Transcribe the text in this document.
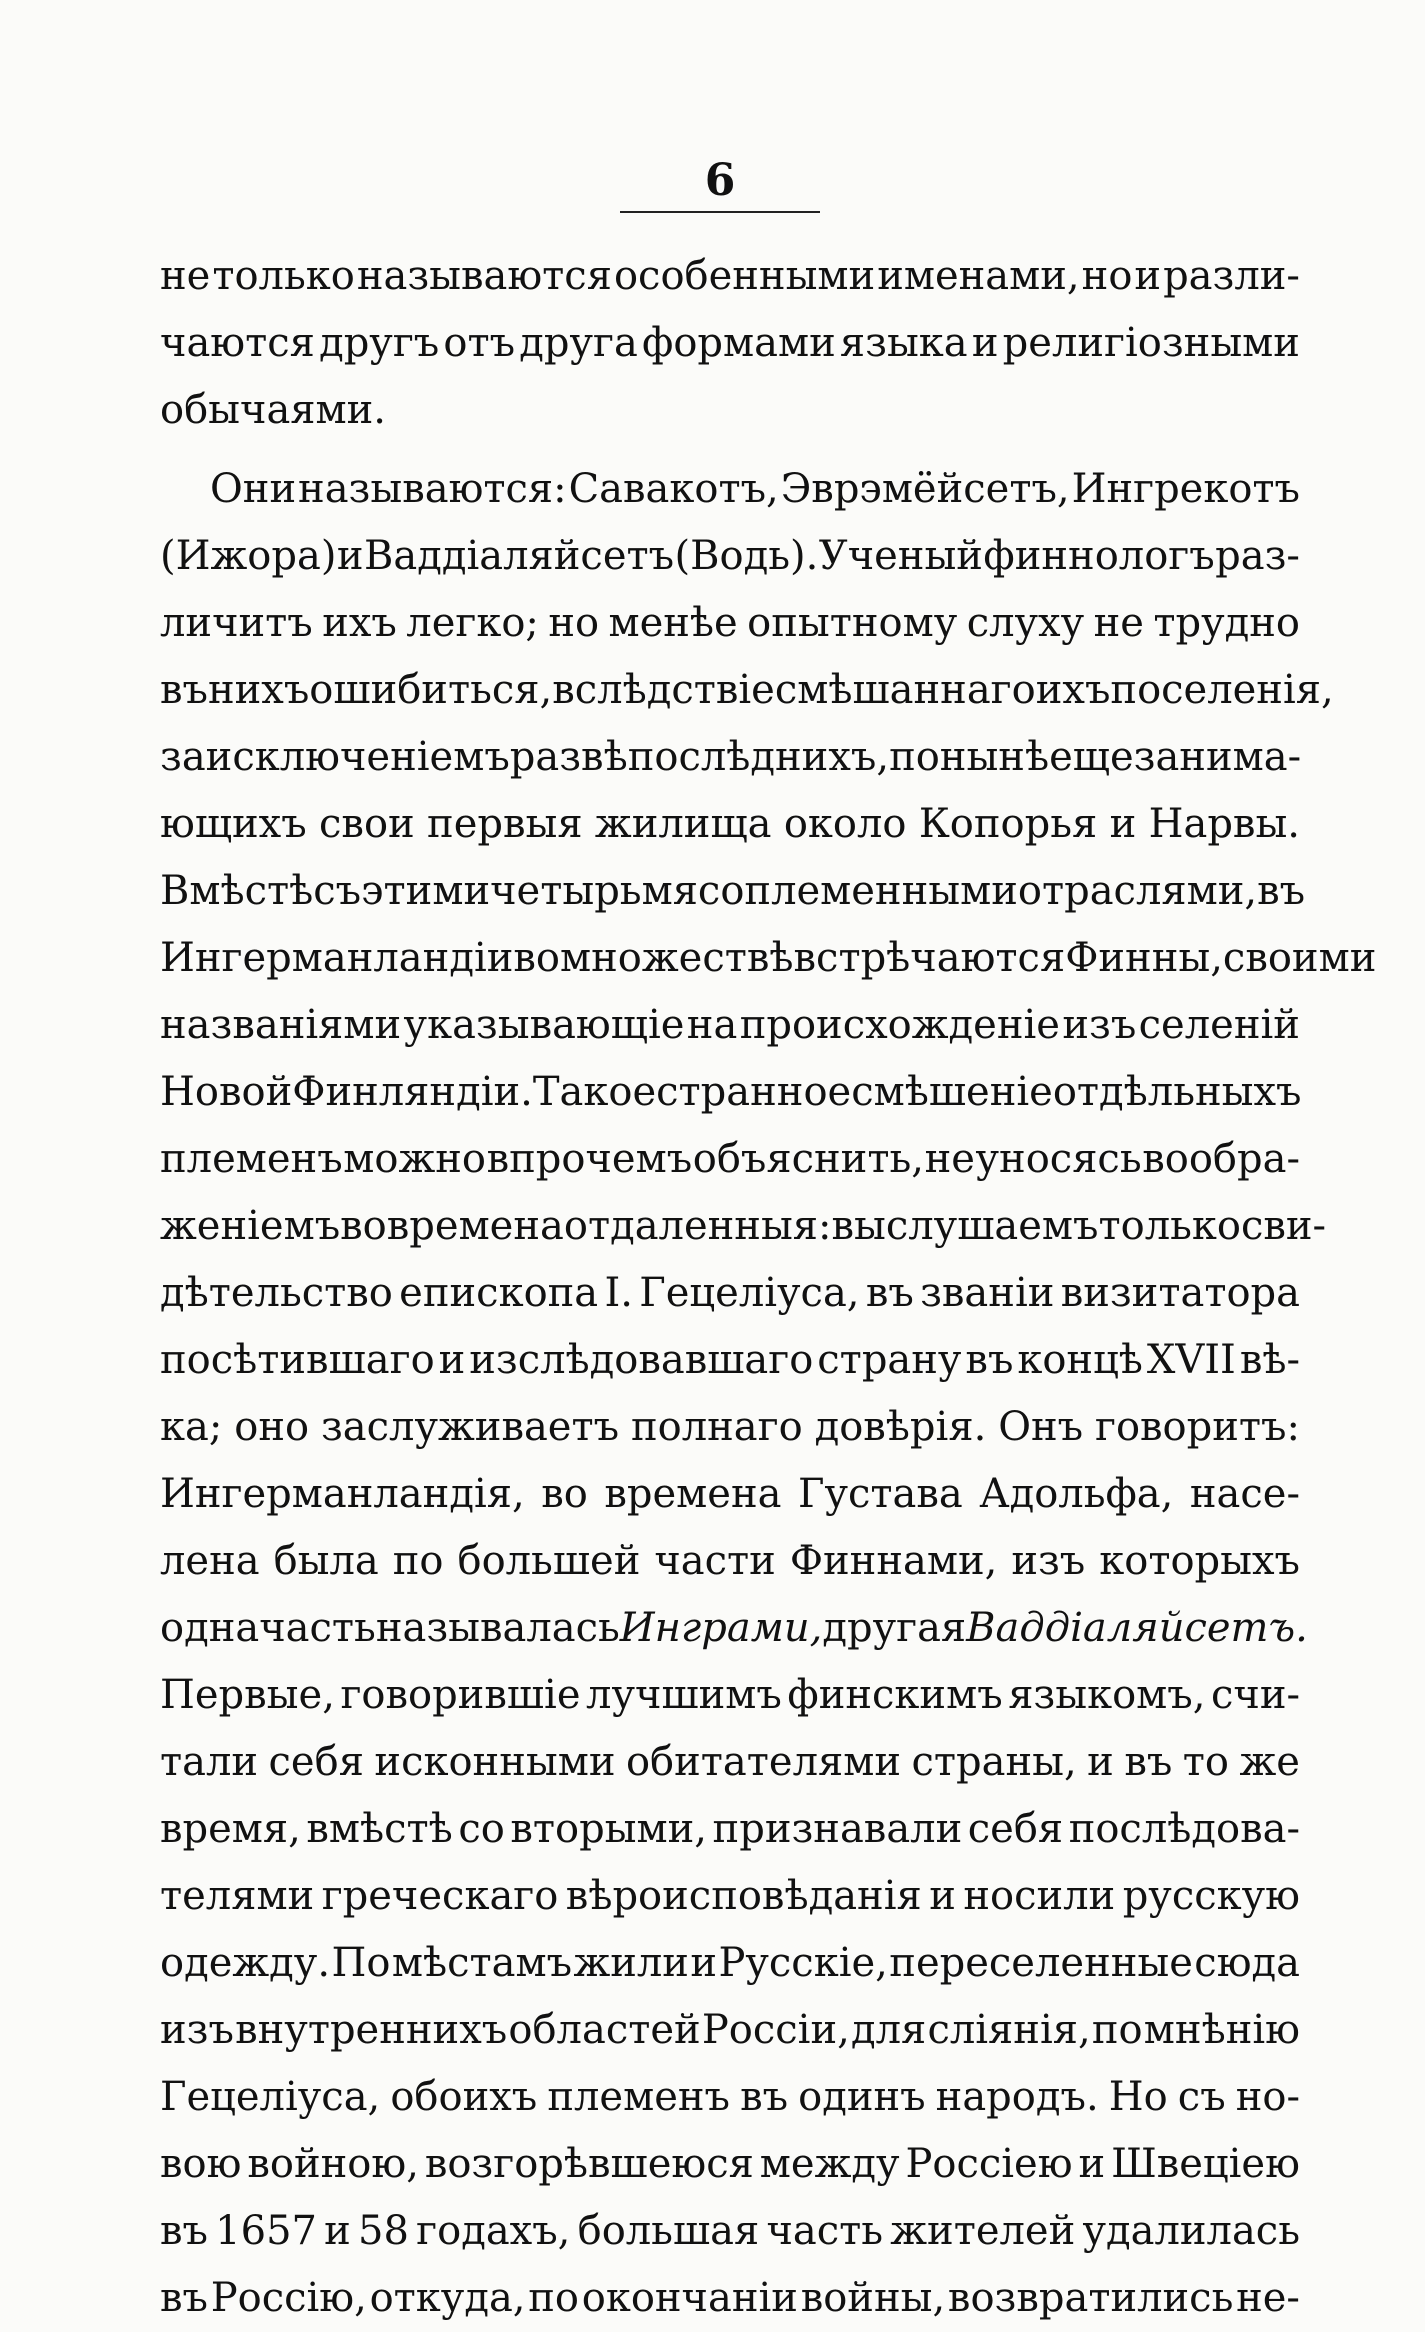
6
не только называются особенными именами, но и разли-
чаются другъ отъ друга формами языка и религіозными
обычаями.
Они называются: Савакотъ, Эврэмёйсетъ, Ингрекотъ
(Ижора) и Ваддіаляйсетъ (Водь). Ученый финнологъ раз-
личитъ ихъ легко; но менѣе опытному слуху не трудно
въ нихъ ошибиться, вслѣдствіе смѣшаннаго ихъ поселенія,
за исключеніемъ развѣ послѣднихъ, понынѣ еще занима-
ющихъ свои первыя жилища около Копорья и Нарвы.
Вмѣстѣ съ этими четырьмя соплеменными отраслями, въ
Ингерманландіи во множествѣ встрѣчаются Финны, своими
названіями указывающіе на происхожденіе изъ селеній
Новой Финляндіи. Такое странное смѣшеніе отдѣльныхъ
племенъ можно впрочемъ объяснить, не уносясь вообра-
женіемъ во времена отдаленныя: выслушаемъ только сви-
дѣтельство епископа I. Гецеліуса, въ званіи визитатора
посѣтившаго и изслѣдовавшаго страну въ концѣ XVII вѣ-
ка; оно заслуживаетъ полнаго довѣрія. Онъ говоритъ:
Ингерманландія, во времена Густава Адольфа, насе-
лена была по большей части Финнами, изъ которыхъ
одна часть называлась Инграми, другая Ваддіаляйсетъ.
Первые, говорившіе лучшимъ финскимъ языкомъ, счи-
тали себя исконными обитателями страны, и въ то же
время, вмѣстѣ со вторыми, признавали себя послѣдова-
телями греческаго вѣроисповѣданія и носили русскую
одежду. По мѣстамъ жили и Русскіе, переселенные сюда
изъ внутреннихъ областей Россіи, для слiянія, по мнѣнію
Гецеліуса, обоихъ племенъ въ одинъ народъ. Но съ но-
вою войною, возгорѣвшеюся между Россіею и Швеціею
въ 1657 и 58 годахъ, большая часть жителей удалилась
въ Россію, откуда, по окончаніи войны, возвратились не-
